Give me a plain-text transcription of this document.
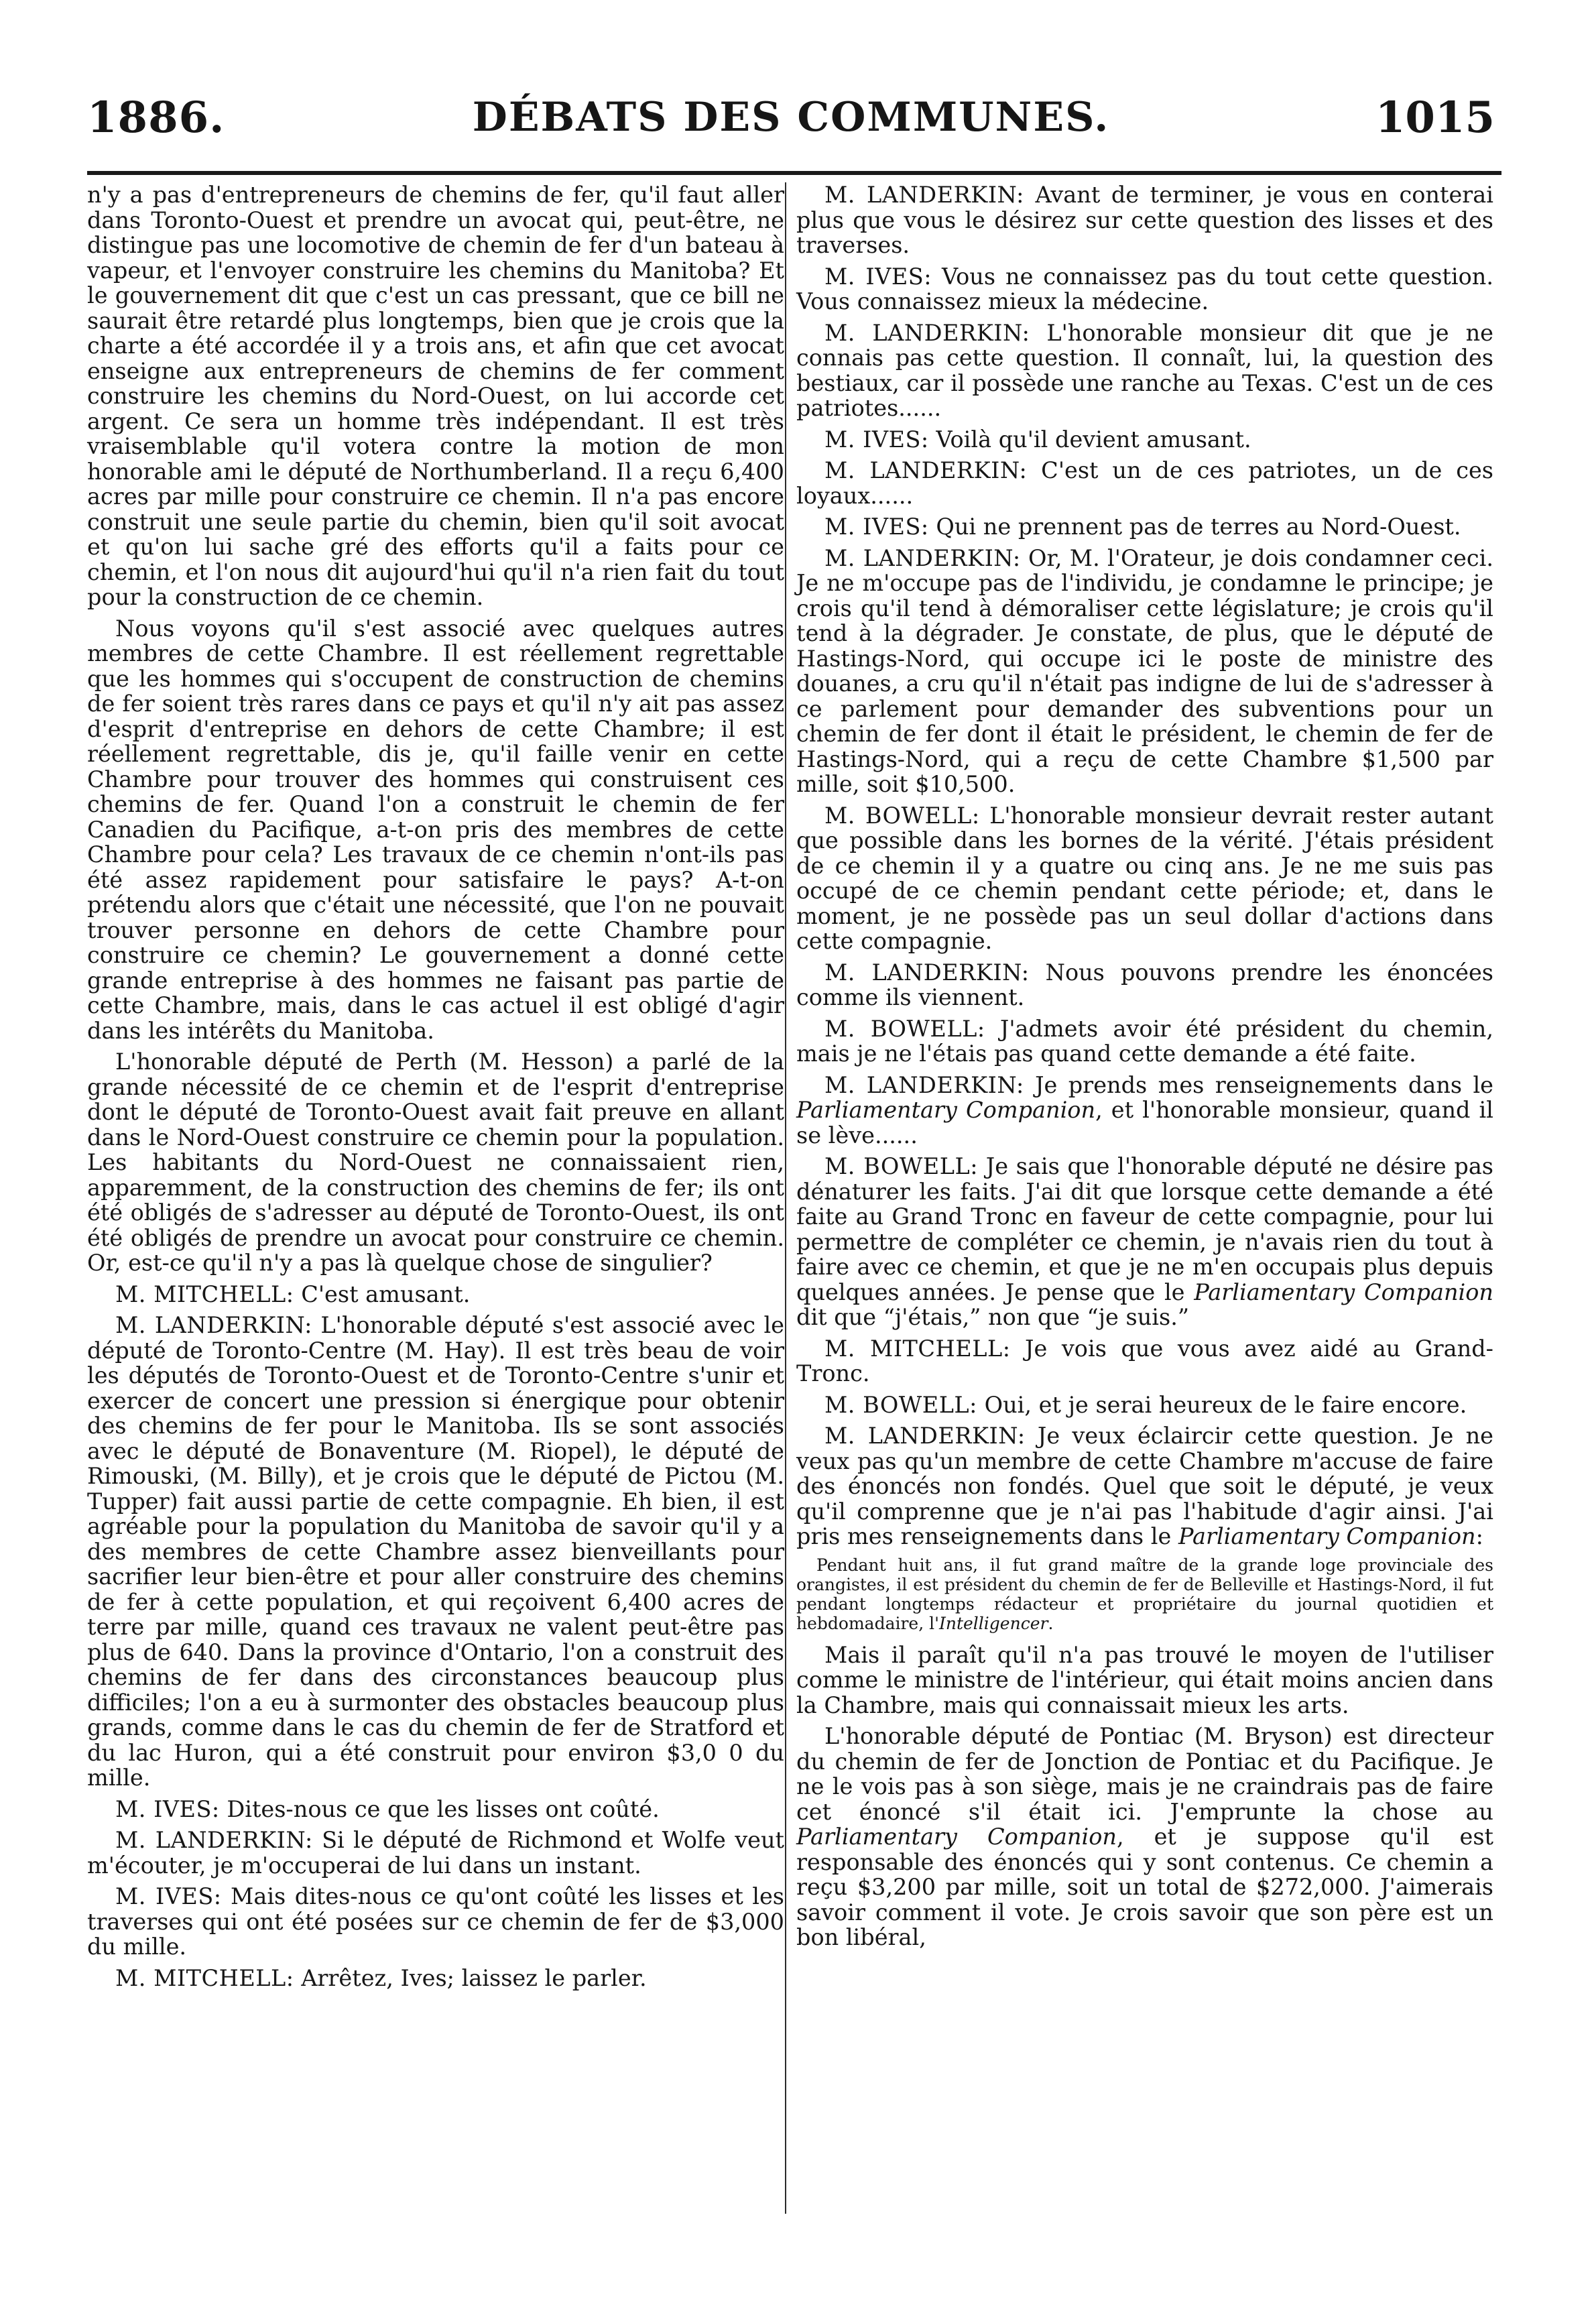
1886.	DÉBATS DES COMMUNES.	1015

n'y a pas d'entrepreneurs de chemins de fer, qu'il faut aller dans Toronto-Ouest et prendre un avocat qui, peut-être, ne distingue pas une locomotive de chemin de fer d'un bateau à vapeur, et l'envoyer construire les chemins du Manitoba? Et le gouvernement dit que c'est un cas pressant, que ce bill ne saurait être retardé plus longtemps, bien que je crois que la charte a été accordée il y a trois ans, et afin que cet avocat enseigne aux entrepreneurs de chemins de fer comment construire les chemins du Nord-Ouest, on lui accorde cet argent. Ce sera un homme très indépendant. Il est très vraisemblable qu'il votera contre la motion de mon honorable ami le député de Northumberland. Il a reçu 6,400 acres par mille pour construire ce chemin. Il n'a pas encore construit une seule partie du chemin, bien qu'il soit avocat et qu'on lui sache gré des efforts qu'il a faits pour ce chemin, et l'on nous dit aujourd'hui qu'il n'a rien fait du tout pour la construction de ce chemin.

Nous voyons qu'il s'est associé avec quelques autres membres de cette Chambre. Il est réellement regrettable que les hommes qui s'occupent de construction de chemins de fer soient très rares dans ce pays et qu'il n'y ait pas assez d'esprit d'entreprise en dehors de cette Chambre; il est réellement regrettable, dis je, qu'il faille venir en cette Chambre pour trouver des hommes qui construisent ces chemins de fer. Quand l'on a construit le chemin de fer Canadien du Pacifique, a-t-on pris des membres de cette Chambre pour cela? Les travaux de ce chemin n'ont-ils pas été assez rapidement pour satisfaire le pays? A-t-on prétendu alors que c'était une nécessité, que l'on ne pouvait trouver personne en dehors de cette Chambre pour construire ce chemin? Le gouvernement a donné cette grande entreprise à des hommes ne faisant pas partie de cette Chambre, mais, dans le cas actuel il est obligé d'agir dans les intérêts du Manitoba.

L'honorable député de Perth (M. Hesson) a parlé de la grande nécessité de ce chemin et de l'esprit d'entreprise dont le député de Toronto-Ouest avait fait preuve en allant dans le Nord-Ouest construire ce chemin pour la population. Les habitants du Nord-Ouest ne connaissaient rien, apparemment, de la construction des chemins de fer; ils ont été obligés de s'adresser au député de Toronto-Ouest, ils ont été obligés de prendre un avocat pour construire ce chemin. Or, est-ce qu'il n'y a pas là quelque chose de singulier?

M. MITCHELL: C'est amusant.

M. LANDERKIN: L'honorable député s'est associé avec le député de Toronto-Centre (M. Hay). Il est très beau de voir les députés de Toronto-Ouest et de Toronto-Centre s'unir et exercer de concert une pression si énergique pour obtenir des chemins de fer pour le Manitoba. Ils se sont associés avec le député de Bonaventure (M. Riopel), le député de Rimouski, (M. Billy), et je crois que le député de Pictou (M. Tupper) fait aussi partie de cette compagnie. Eh bien, il est agréable pour la population du Manitoba de savoir qu'il y a des membres de cette Chambre assez bienveillants pour sacrifier leur bien-être et pour aller construire des chemins de fer à cette population, et qui reçoivent 6,400 acres de terre par mille, quand ces travaux ne valent peut-être pas plus de 640. Dans la province d'Ontario, l'on a construit des chemins de fer dans des circonstances beaucoup plus difficiles; l'on a eu à surmonter des obstacles beaucoup plus grands, comme dans le cas du chemin de fer de Stratford et du lac Huron, qui a été construit pour environ $3,0 0 du mille.

M. IVES: Dites-nous ce que les lisses ont coûté.

M. LANDERKIN: Si le député de Richmond et Wolfe veut m'écouter, je m'occuperai de lui dans un instant.

M. IVES: Mais dites-nous ce qu'ont coûté les lisses et les traverses qui ont été posées sur ce chemin de fer de $3,000 du mille.

M. MITCHELL: Arrêtez, Ives; laissez le parler.

M. LANDERKIN: Avant de terminer, je vous en conterai plus que vous le désirez sur cette question des lisses et des traverses.

M. IVES: Vous ne connaissez pas du tout cette question. Vous connaissez mieux la médecine.

M. LANDERKIN: L'honorable monsieur dit que je ne connais pas cette question. Il connaît, lui, la question des bestiaux, car il possède une ranche au Texas. C'est un de ces patriotes......

M. IVES: Voilà qu'il devient amusant.

M. LANDERKIN: C'est un de ces patriotes, un de ces loyaux......

M. IVES: Qui ne prennent pas de terres au Nord-Ouest.

M. LANDERKIN: Or, M. l'Orateur, je dois condamner ceci. Je ne m'occupe pas de l'individu, je condamne le principe; je crois qu'il tend à démoraliser cette législature; je crois qu'il tend à la dégrader. Je constate, de plus, que le député de Hastings-Nord, qui occupe ici le poste de ministre des douanes, a cru qu'il n'était pas indigne de lui de s'adresser à ce parlement pour demander des subventions pour un chemin de fer dont il était le président, le chemin de fer de Hastings-Nord, qui a reçu de cette Chambre $1,500 par mille, soit $10,500.

M. BOWELL: L'honorable monsieur devrait rester autant que possible dans les bornes de la vérité. J'étais président de ce chemin il y a quatre ou cinq ans. Je ne me suis pas occupé de ce chemin pendant cette période; et, dans le moment, je ne possède pas un seul dollar d'actions dans cette compagnie.

M. LANDERKIN: Nous pouvons prendre les énoncées comme ils viennent.

M. BOWELL: J'admets avoir été président du chemin, mais je ne l'étais pas quand cette demande a été faite.

M. LANDERKIN: Je prends mes renseignements dans le Parliamentary Companion, et l'honorable monsieur, quand il se lève......

M. BOWELL: Je sais que l'honorable député ne désire pas dénaturer les faits. J'ai dit que lorsque cette demande a été faite au Grand Tronc en faveur de cette compagnie, pour lui permettre de compléter ce chemin, je n'avais rien du tout à faire avec ce chemin, et que je ne m'en occupais plus depuis quelques années. Je pense que le Parliamentary Companion dit que “j'étais,” non que “je suis.”

M. MITCHELL: Je vois que vous avez aidé au Grand-Tronc.

M. BOWELL: Oui, et je serai heureux de le faire encore.

M. LANDERKIN: Je veux éclaircir cette question. Je ne veux pas qu'un membre de cette Chambre m'accuse de faire des énoncés non fondés. Quel que soit le député, je veux qu'il comprenne que je n'ai pas l'habitude d'agir ainsi. J'ai pris mes renseignements dans le Parliamentary Companion:

Pendant huit ans, il fut grand maître de la grande loge provinciale des orangistes, il est président du chemin de fer de Belleville et Hastings-Nord, il fut pendant longtemps rédacteur et propriétaire du journal quotidien et hebdomadaire, l'Intelligencer.

Mais il paraît qu'il n'a pas trouvé le moyen de l'utiliser comme le ministre de l'intérieur, qui était moins ancien dans la Chambre, mais qui connaissait mieux les arts.

L'honorable député de Pontiac (M. Bryson) est directeur du chemin de fer de Jonction de Pontiac et du Pacifique. Je ne le vois pas à son siège, mais je ne craindrais pas de faire cet énoncé s'il était ici. J'emprunte la chose au Parliamentary Companion, et je suppose qu'il est responsable des énoncés qui y sont contenus. Ce chemin a reçu $3,200 par mille, soit un total de $272,000. J'aimerais savoir comment il vote. Je crois savoir que son père est un bon libéral,
